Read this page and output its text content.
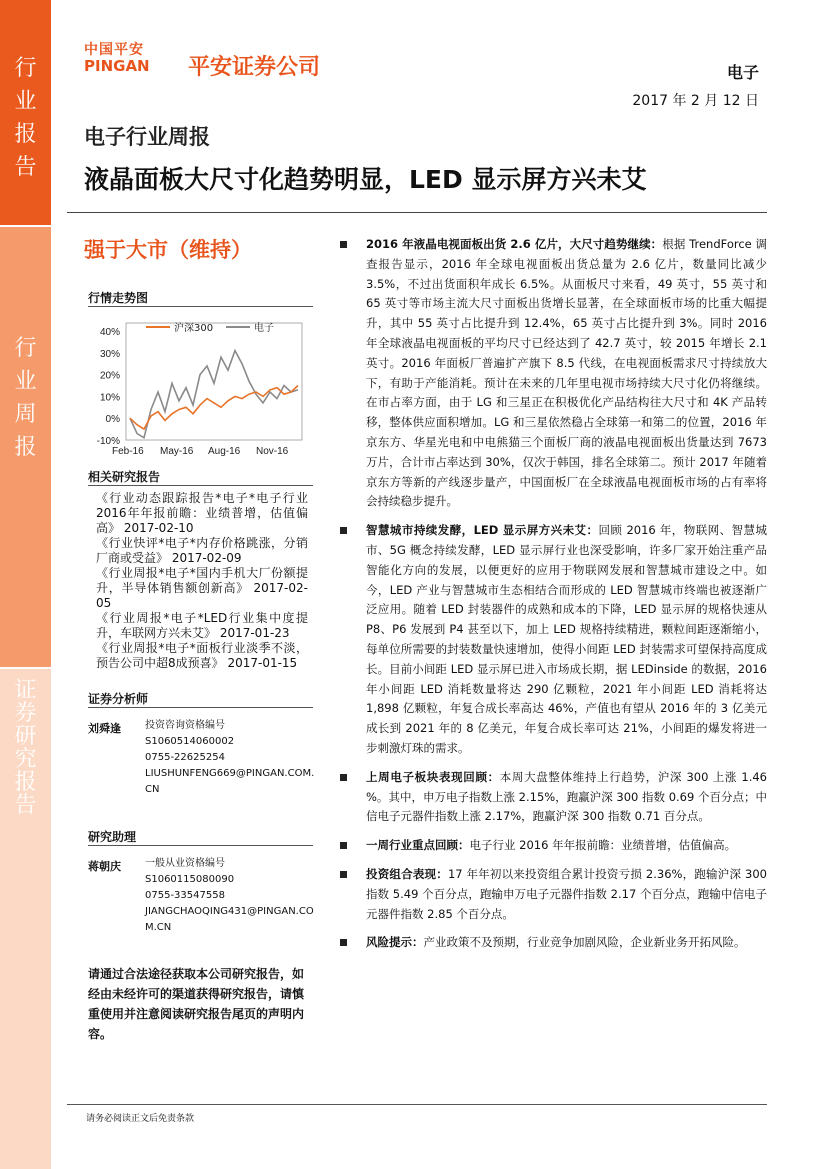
行
业
报
告
行
业
周
报
证
券
研
究
报
告
中国平安
PINGAN 平安证券公司	电子
2017 年 2 月 12 日
电子行业周报
液晶面板大尺寸化趋势明显，LED 显示屏方兴未艾
强于大市（维持）
行情走势图
40%
30%
20%
10%
0%
-10%
Feb-16 May-16 Aug-16 Nov-16
沪深300	电子
相关研究报告
《行业动态跟踪报告*电子*电子行业 2016年年报前瞻：业绩普增，估值偏高》 2017-02-10
《行业快评*电子*内存价格跳涨，分销厂商或受益》 2017-02-09
《行业周报*电子*国内手机大厂份额提升，半导体销售额创新高》 2017-02-05
《行业周报*电子*LED行业集中度提升，车联网方兴未艾》 2017-01-23
《行业周报*电子*面板行业淡季不淡，预告公司中超8成预喜》 2017-01-15
证券分析师
刘舜逢 投资咨询资格编号
S1060514060002
0755-22625254
LIUSHUNFENG669@PINGAN.COM.
CN
研究助理
蒋朝庆 一般从业资格编号
S1060115080090
0755-33547558
JIANGCHAOQING431@PINGAN.CO
M.CN
请通过合法途径获取本公司研究报告，如经由未经许可的渠道获得研究报告，请慎重使用并注意阅读研究报告尾页的声明内容。
2016 年液晶电视面板出货 2.6 亿片，大尺寸趋势继续：根据 TrendForce 调查报告显示，2016 年全球电视面板出货总量为 2.6 亿片，数量同比减少 3.5%，不过出货面积年成长 6.5%。从面板尺寸来看，49 英寸，55 英寸和 65 英寸等市场主流大尺寸面板出货增长显著，在全球面板市场的比重大幅提升，其中 55 英寸占比提升到 12.4%，65 英寸占比提升到 3%。同时 2016 年全球液晶电视面板的平均尺寸已经达到了 42.7 英寸，较 2015 年增长 2.1 英寸。2016 年面板厂普遍扩产旗下 8.5 代线，在电视面板需求尺寸持续放大下，有助于产能消耗。预计在未来的几年里电视市场持续大尺寸化仍将继续。在市占率方面，由于 LG 和三星正在积极优化产品结构往大尺寸和 4K 产品转移，整体供应面积增加。LG 和三星依然稳占全球第一和第二的位置，2016 年京东方、华星光电和中电熊猫三个面板厂商的液晶电视面板出货量达到 7673 万片，合计市占率达到 30%，仅次于韩国，排名全球第二。预计 2017 年随着京东方等新的产线逐步量产，中国面板厂在全球液晶电视面板市场的占有率将会持续稳步提升。
智慧城市持续发酵，LED 显示屏方兴未艾：回顾 2016 年，物联网、智慧城市、5G 概念持续发酵，LED 显示屏行业也深受影响，许多厂家开始注重产品智能化方向的发展，以便更好的应用于物联网发展和智慧城市建设之中。如今，LED 产业与智慧城市生态相结合而形成的 LED 智慧城市终端也被逐渐广泛应用。随着 LED 封装器件的成熟和成本的下降，LED 显示屏的规格快速从 P8、P6 发展到 P4 甚至以下，加上 LED 规格持续精进，颗粒间距逐渐缩小，每单位所需要的封装数量快速增加，使得小间距 LED 封装需求可望保持高度成长。目前小间距 LED 显示屏已进入市场成长期，据 LEDinside 的数据，2016 年小间距 LED 消耗数量将达 290 亿颗粒，2021 年小间距 LED 消耗将达 1,898 亿颗粒，年复合成长率高达 46%，产值也有望从 2016 年的 3 亿美元成长到 2021 年的 8 亿美元，年复合成长率可达 21%，小间距的爆发将进一步刺激灯珠的需求。
上周电子板块表现回顾：本周大盘整体维持上行趋势，沪深 300 上涨 1.46 %。其中，申万电子指数上涨 2.15%，跑赢沪深 300 指数 0.69 个百分点；中信电子元器件指数上涨 2.17%，跑赢沪深 300 指数 0.71 百分点。
一周行业重点回顾：电子行业 2016 年年报前瞻：业绩普增，估值偏高。
投资组合表现：17 年年初以来投资组合累计投资亏损 2.36%，跑输沪深 300 指数 5.49 个百分点，跑输申万电子元器件指数 2.17 个百分点，跑输中信电子元器件指数 2.85 个百分点。
风险提示：产业政策不及预期，行业竞争加剧风险，企业新业务开拓风险。
请务必阅读正文后免责条款
